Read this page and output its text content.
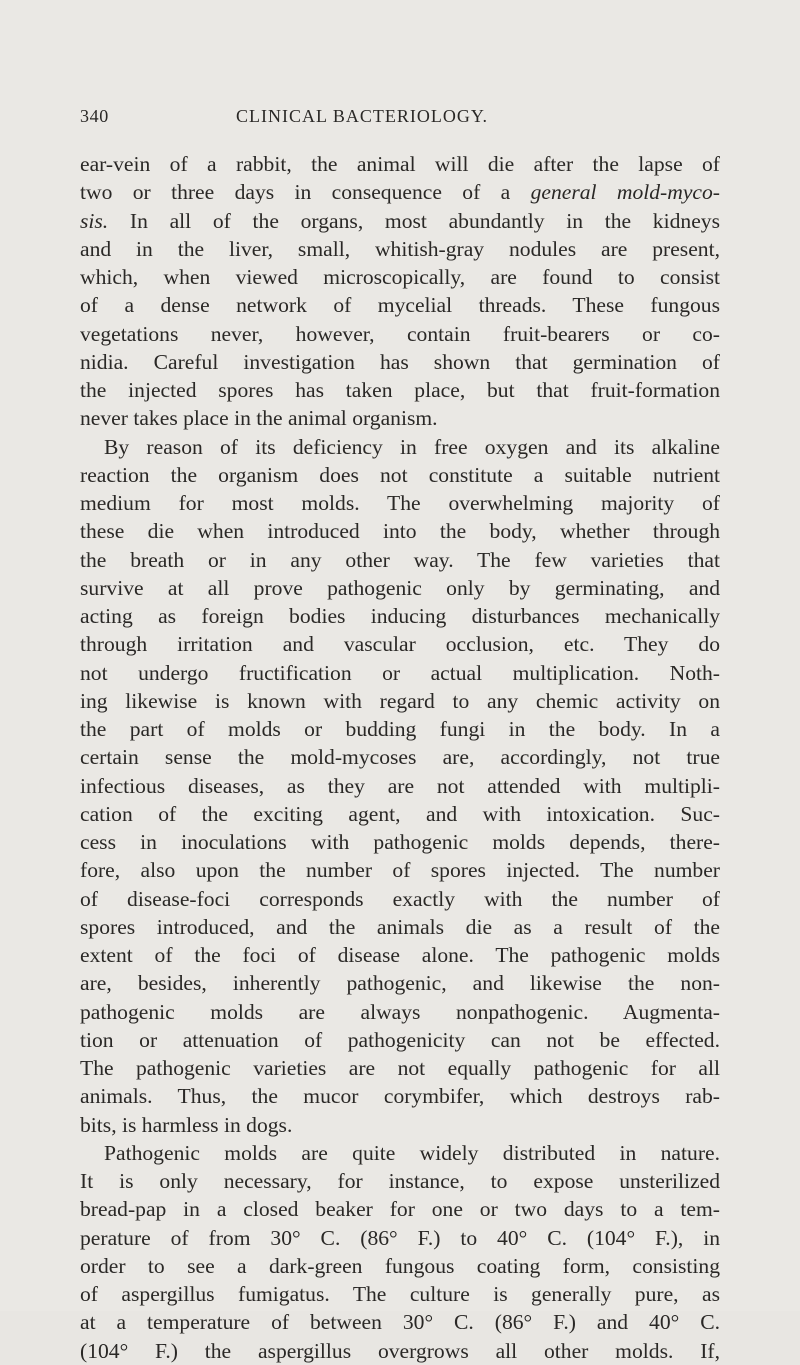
340	CLINICAL BACTERIOLOGY.
ear-vein of a rabbit, the animal will die after the lapse of
two or three days in consequence of a general mold-myco-
sis. In all of the organs, most abundantly in the kidneys
and in the liver, small, whitish-gray nodules are present,
which, when viewed microscopically, are found to consist
of a dense network of mycelial threads. These fungous
vegetations never, however, contain fruit-bearers or co-
nidia. Careful investigation has shown that germination of
the injected spores has taken place, but that fruit-formation
never takes place in the animal organism.
By reason of its deficiency in free oxygen and its alkaline
reaction the organism does not constitute a suitable nutrient
medium for most molds. The overwhelming majority of
these die when introduced into the body, whether through
the breath or in any other way. The few varieties that
survive at all prove pathogenic only by germinating, and
acting as foreign bodies inducing disturbances mechanically
through irritation and vascular occlusion, etc. They do
not undergo fructification or actual multiplication. Noth-
ing likewise is known with regard to any chemic activity on
the part of molds or budding fungi in the body. In a
certain sense the mold-mycoses are, accordingly, not true
infectious diseases, as they are not attended with multipli-
cation of the exciting agent, and with intoxication. Suc-
cess in inoculations with pathogenic molds depends, there-
fore, also upon the number of spores injected. The number
of disease-foci corresponds exactly with the number of
spores introduced, and the animals die as a result of the
extent of the foci of disease alone. The pathogenic molds
are, besides, inherently pathogenic, and likewise the non-
pathogenic molds are always nonpathogenic. Augmenta-
tion or attenuation of pathogenicity can not be effected.
The pathogenic varieties are not equally pathogenic for all
animals. Thus, the mucor corymbifer, which destroys rab-
bits, is harmless in dogs.
Pathogenic molds are quite widely distributed in nature.
It is only necessary, for instance, to expose unsterilized
bread-pap in a closed beaker for one or two days to a tem-
perature of from 30° C. (86° F.) to 40° C. (104° F.), in
order to see a dark-green fungous coating form, consisting
of aspergillus fumigatus. The culture is generally pure, as
at a temperature of between 30° C. (86° F.) and 40° C.
(104° F.) the aspergillus overgrows all other molds. If,
